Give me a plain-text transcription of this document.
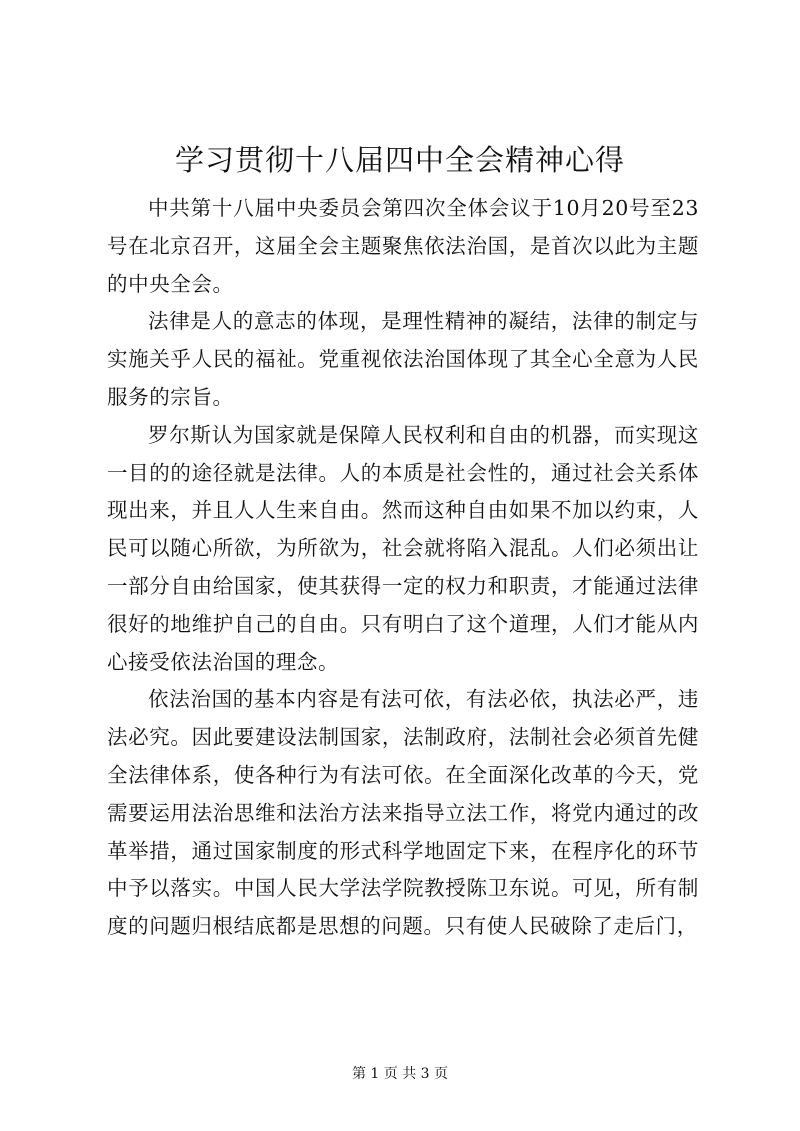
学习贯彻十八届四中全会精神心得

中共第十八届中央委员会第四次全体会议于10月20号至23号在北京召开，这届全会主题聚焦依法治国，是首次以此为主题的中央全会。

法律是人的意志的体现，是理性精神的凝结，法律的制定与实施关乎人民的福祉。党重视依法治国体现了其全心全意为人民服务的宗旨。

罗尔斯认为国家就是保障人民权利和自由的机器，而实现这一目的的途径就是法律。人的本质是社会性的，通过社会关系体现出来，并且人人生来自由。然而这种自由如果不加以约束，人民可以随心所欲，为所欲为，社会就将陷入混乱。人们必须出让一部分自由给国家，使其获得一定的权力和职责，才能通过法律很好的地维护自己的自由。只有明白了这个道理，人们才能从内心接受依法治国的理念。

依法治国的基本内容是有法可依，有法必依，执法必严，违法必究。因此要建设法制国家，法制政府，法制社会必须首先健全法律体系，使各种行为有法可依。在全面深化改革的今天，党需要运用法治思维和法治方法来指导立法工作，将党内通过的改革举措，通过国家制度的形式科学地固定下来，在程序化的环节中予以落实。中国人民大学法学院教授陈卫东说。可见，所有制度的问题归根结底都是思想的问题。只有使人民破除了走后门，

第 1 页 共 3 页
